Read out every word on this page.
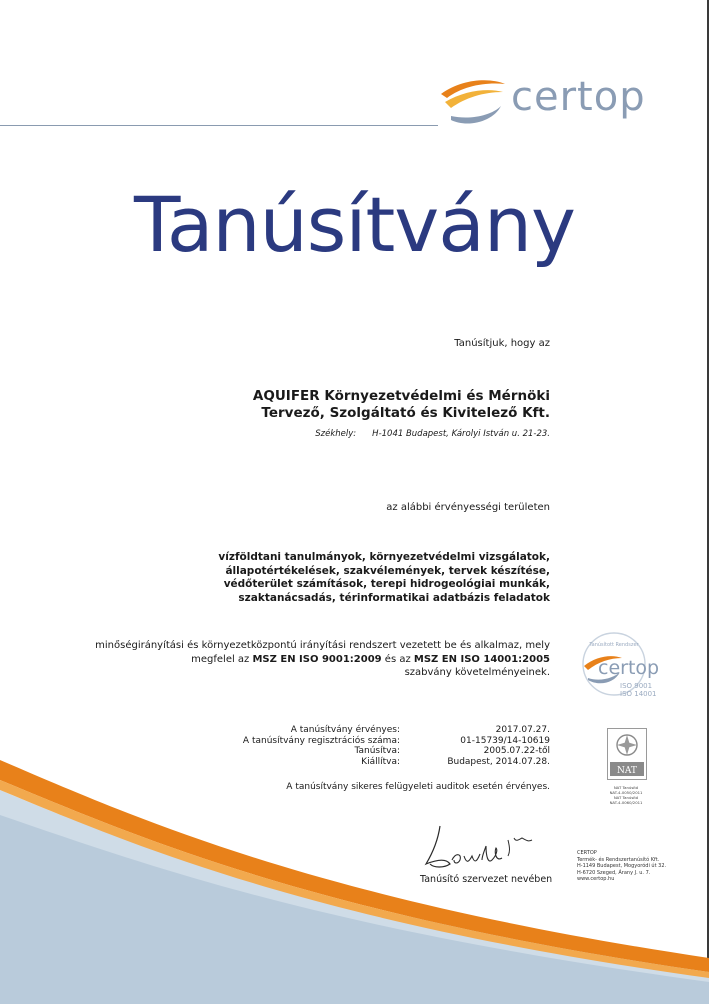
certop
Tanúsítvány
Tanúsítjuk, hogy az
AQUIFER Környezetvédelmi és Mérnöki
Tervező, Szolgáltató és Kivitelező Kft.
Székhely: H-1041 Budapest, Károlyi István u. 21-23.
az alábbi érvényességi területen
vízföldtani tanulmányok, környezetvédelmi vizsgálatok,
állapotértékelések, szakvélemények, tervek készítése,
védőterület számítások, terepi hidrogeológiai munkák,
szaktanácsadás, térinformatikai adatbázis feladatok
minőségirányítási és környezetközpontú irányítási rendszert vezetett be és alkalmaz, mely
megfelel az MSZ EN ISO 9001:2009 és az MSZ EN ISO 14001:2005
szabvány követelményeinek.
Tanúsított Rendszer
certop
ISO 9001
ISO 14001
A tanúsítvány érvényes:	2017.07.27.
A tanúsítvány regisztrációs száma:	01-15739/14-10619
Tanúsítva:	2005.07.22-től
Kiállítva:	Budapest, 2014.07.28.
NAT
NAT Tanúsító
NAT-4-0050/2011
NAT Tanúsító
NAT-4-0060/2011
A tanúsítvány sikeres felügyeleti auditok esetén érvényes.
Tanúsító szervezet nevében
CERTOP
Termék- és Rendszertanúsító Kft.
H-1149 Budapest, Mogyoródi út 32.
H-6720 Szeged, Árany J. u. 7.
www.certop.hu
